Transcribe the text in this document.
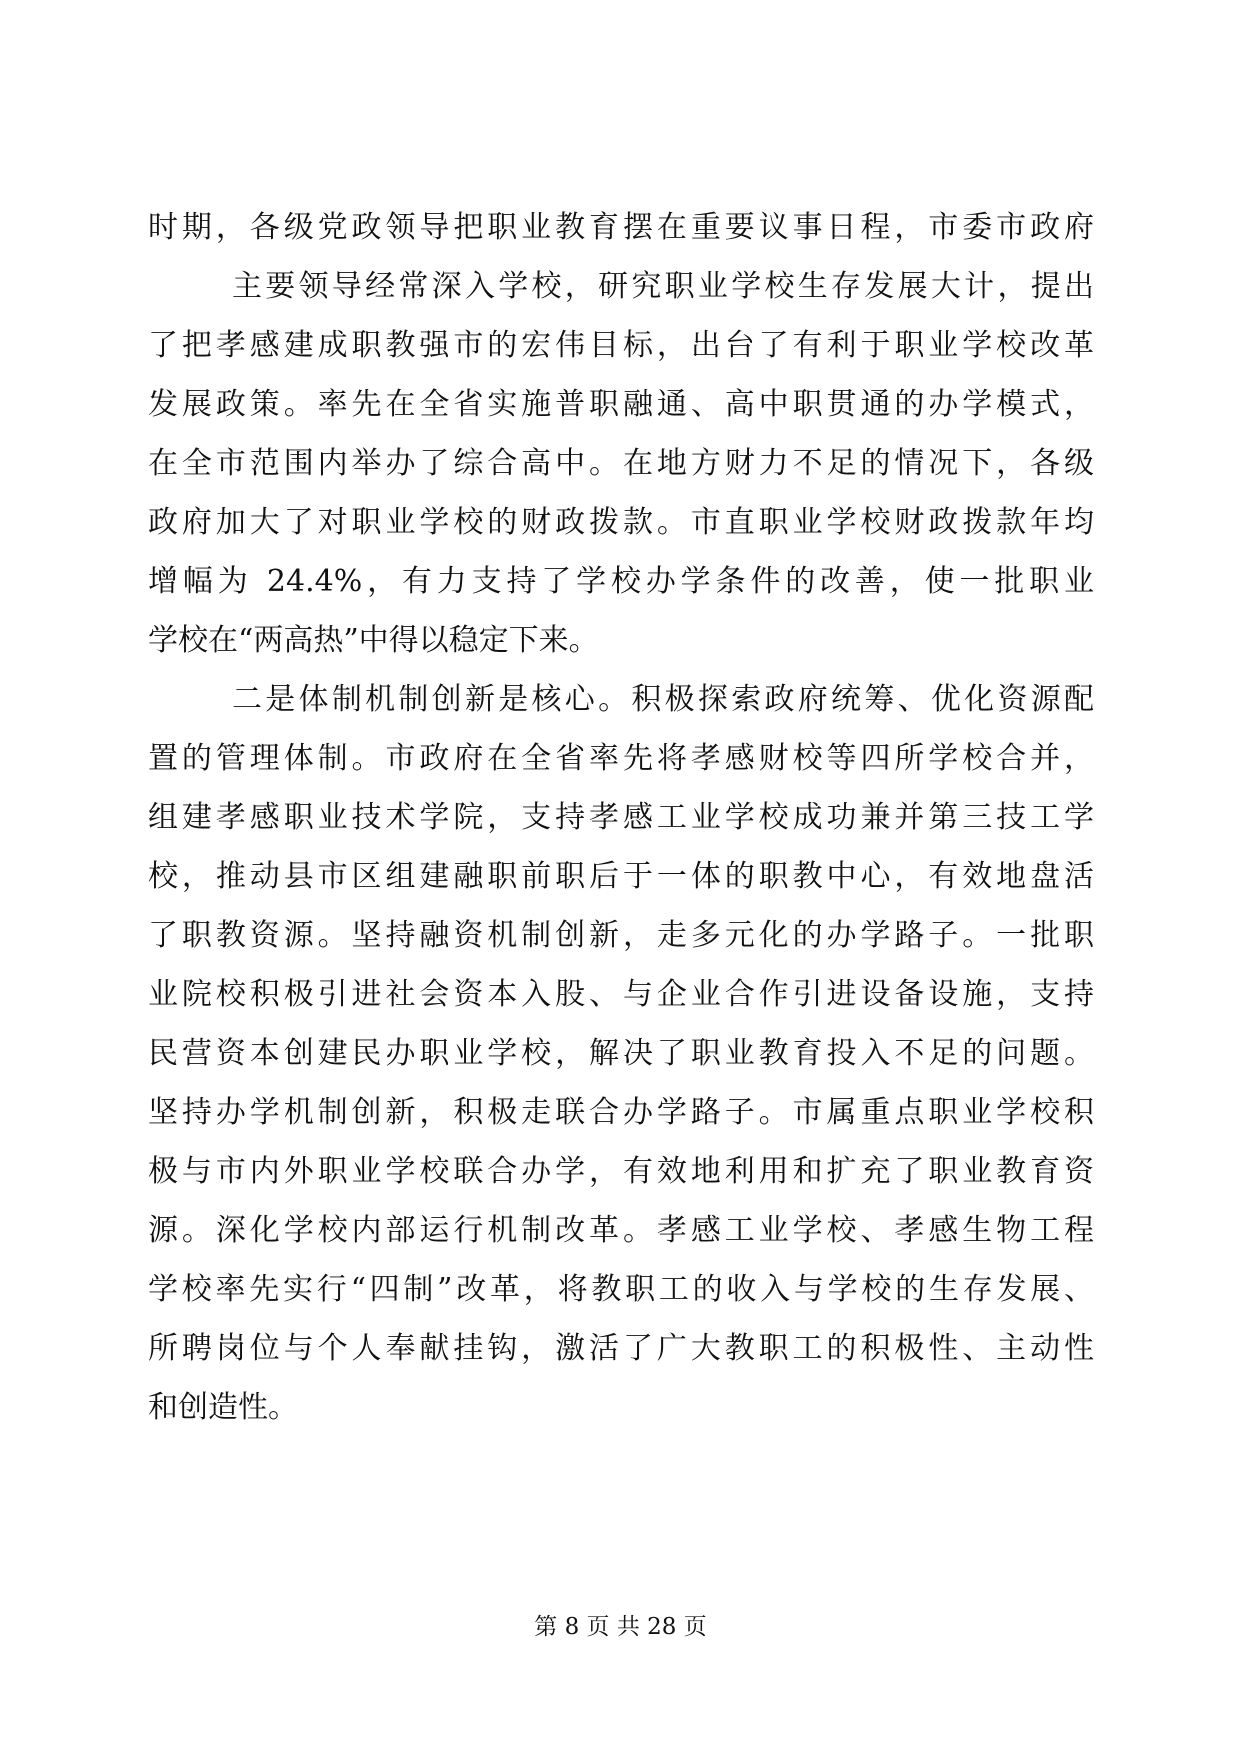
时期，各级党政领导把职业教育摆在重要议事日程，市委市政府
主要领导经常深入学校，研究职业学校生存发展大计，提出
了把孝感建成职教强市的宏伟目标，出台了有利于职业学校改革
发展政策。率先在全省实施普职融通、高中职贯通的办学模式，
在全市范围内举办了综合高中。在地方财力不足的情况下，各级
政府加大了对职业学校的财政拨款。市直职业学校财政拨款年均
增幅为 24.4%，有力支持了学校办学条件的改善，使一批职业
学校在“两高热”中得以稳定下来。
二是体制机制创新是核心。积极探索政府统筹、优化资源配
置的管理体制。市政府在全省率先将孝感财校等四所学校合并，
组建孝感职业技术学院，支持孝感工业学校成功兼并第三技工学
校，推动县市区组建融职前职后于一体的职教中心，有效地盘活
了职教资源。坚持融资机制创新，走多元化的办学路子。一批职
业院校积极引进社会资本入股、与企业合作引进设备设施，支持
民营资本创建民办职业学校，解决了职业教育投入不足的问题。
坚持办学机制创新，积极走联合办学路子。市属重点职业学校积
极与市内外职业学校联合办学，有效地利用和扩充了职业教育资
源。深化学校内部运行机制改革。孝感工业学校、孝感生物工程
学校率先实行“四制”改革，将教职工的收入与学校的生存发展、
所聘岗位与个人奉献挂钩，激活了广大教职工的积极性、主动性
和创造性。
第 8 页 共 28 页
